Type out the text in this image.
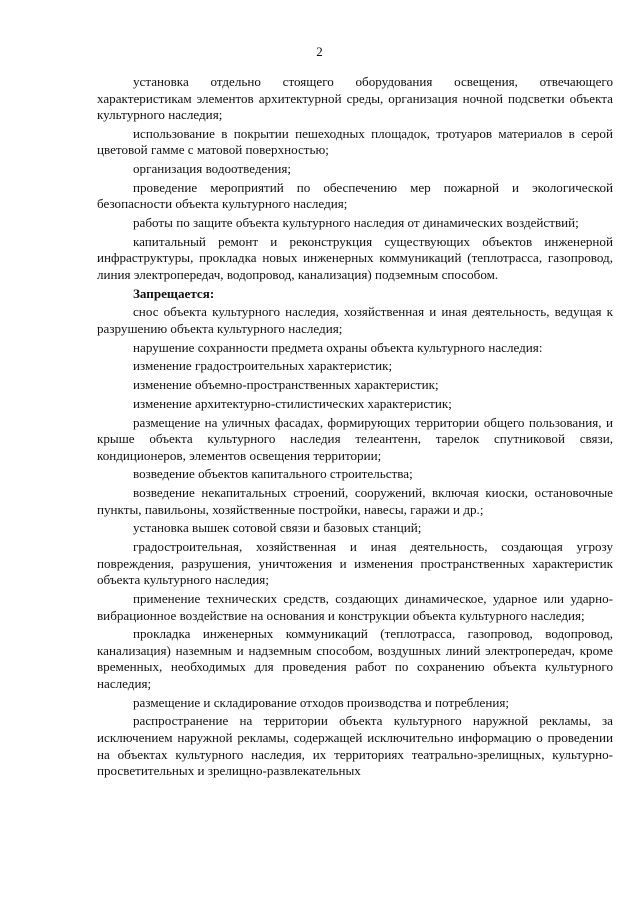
2

установка отдельно стоящего оборудования освещения, отвечающего характеристикам элементов архитектурной среды, организация ночной подсветки объекта культурного наследия;

использование в покрытии пешеходных площадок, тротуаров материалов в серой цветовой гамме с матовой поверхностью;

организация водоотведения;

проведение мероприятий по обеспечению мер пожарной и экологической безопасности объекта культурного наследия;

работы по защите объекта культурного наследия от динамических воздействий;

капитальный ремонт и реконструкция существующих объектов инженерной инфраструктуры, прокладка новых инженерных коммуникаций (теплотрасса, газопровод, линия электропередач, водопровод, канализация) подземным способом.

Запрещается:

снос объекта культурного наследия, хозяйственная и иная деятельность, ведущая к разрушению объекта культурного наследия;

нарушение сохранности предмета охраны объекта культурного наследия:

изменение градостроительных характеристик;

изменение объемно-пространственных характеристик;

изменение архитектурно-стилистических характеристик;

размещение на уличных фасадах, формирующих территории общего пользования, и крыше объекта культурного наследия телеантенн, тарелок спутниковой связи, кондиционеров, элементов освещения территории;

возведение объектов капитального строительства;

возведение некапитальных строений, сооружений, включая киоски, остановочные пункты, павильоны, хозяйственные постройки, навесы, гаражи и др.;

установка вышек сотовой связи и базовых станций;

градостроительная, хозяйственная и иная деятельность, создающая угрозу повреждения, разрушения, уничтожения и изменения пространственных характеристик объекта культурного наследия;

применение технических средств, создающих динамическое, ударное или ударно-вибрационное воздействие на основания и конструкции объекта культурного наследия;

прокладка инженерных коммуникаций (теплотрасса, газопровод, водопровод, канализация) наземным и надземным способом, воздушных линий электропередач, кроме временных, необходимых для проведения работ по сохранению объекта культурного наследия;

размещение и складирование отходов производства и потребления;

распространение на территории объекта культурного наружной рекламы, за исключением наружной рекламы, содержащей исключительно информацию о проведении на объектах культурного наследия, их территориях театрально-зрелищных, культурно-просветительных и зрелищно-развлекательных
